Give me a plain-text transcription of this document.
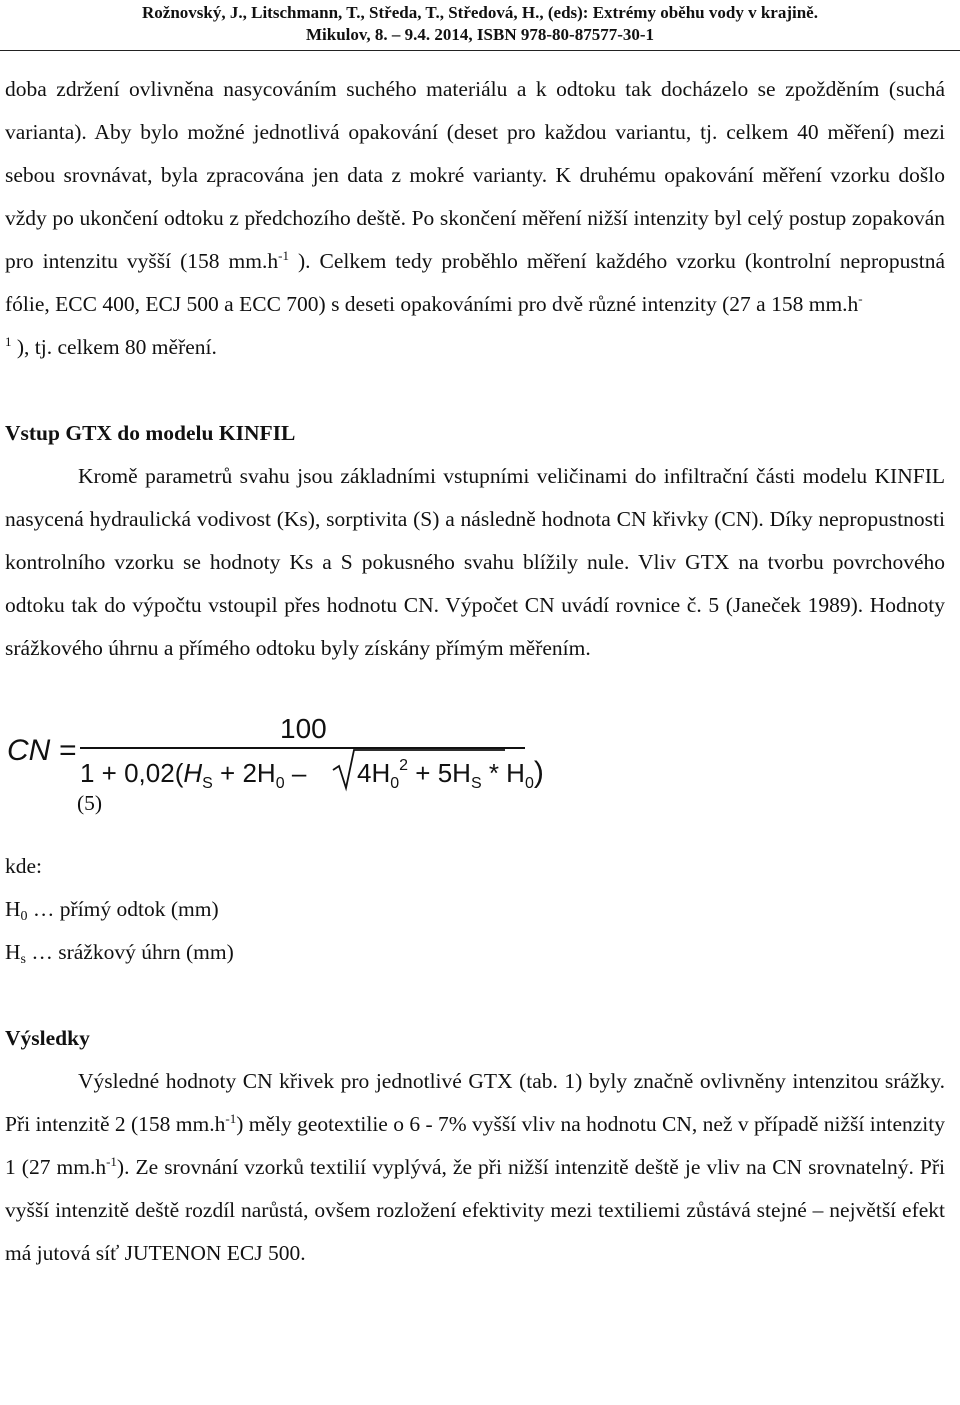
Rožnovský, J., Litschmann, T., Středa, T., Středová, H., (eds): Extrémy oběhu vody v krajině.
Mikulov, 8. – 9.4. 2014, ISBN 978-80-87577-30-1

doba zdržení ovlivněna nasycováním suchého materiálu a k odtoku tak docházelo se zpožděním (suchá varianta). Aby bylo možné jednotlivá opakování (deset pro každou variantu, tj. celkem 40 měření) mezi sebou srovnávat, byla zpracována jen data z mokré varianty. K druhému opakování měření vzorku došlo vždy po ukončení odtoku z předchozího deště. Po skončení měření nižší intenzity byl celý postup zopakován pro intenzitu vyšší (158 $mm.h^{-1}$ ). Celkem tedy proběhlo měření každého vzorku (kontrolní nepropustná fólie, ECC 400, ECJ 500 a ECC 700) s deseti opakováními pro dvě různé intenzity (27 a 158 mm.h-
$^1$ ), tj. celkem 80 měření.

Vstup GTX do modelu KINFIL

Kromě parametrů svahu jsou základními vstupními veličinami do infiltrační části modelu KINFIL nasycená hydraulická vodivost (Ks), sorptivita (S) a následně hodnota CN křivky (CN). Díky nepropustnosti kontrolního vzorku se hodnoty Ks a S pokusného svahu blížily nule. Vliv GTX na tvorbu povrchového odtoku tak do výpočtu vstoupil přes hodnotu CN. Výpočet CN uvádí rovnice č. 5 (Janeček 1989). Hodnoty srážkového úhrnu a přímého odtoku byly získány přímým měřením.

CN =
100
$1 + 0,02(H_S + 2H_0 - 4H_0^2 + 5H_S * H_0)$
(5)
kde:
$H_0$ … přímý odtok (mm)
$H_s$ … srážkový úhrn (mm)
Výsledky

Výsledné hodnoty CN křivek pro jednotlivé GTX (tab. 1) byly značně ovlivněny intenzitou srážky. Při intenzitě 2 (158 $mm.h^{-1}$) měly geotextilie o 6 - 7% vyšší vliv na hodnotu CN, než v případě nižší intenzity 1 (27 $mm.h^{-1}$). Ze srovnání vzorků textilií vyplývá, že při nižší intenzitě deště je vliv na CN srovnatelný. Při vyšší intenzitě deště rozdíl narůstá, ovšem rozložení efektivity mezi textiliemi zůstává stejné – největší efekt má jutová síť JUTENON ECJ 500.
